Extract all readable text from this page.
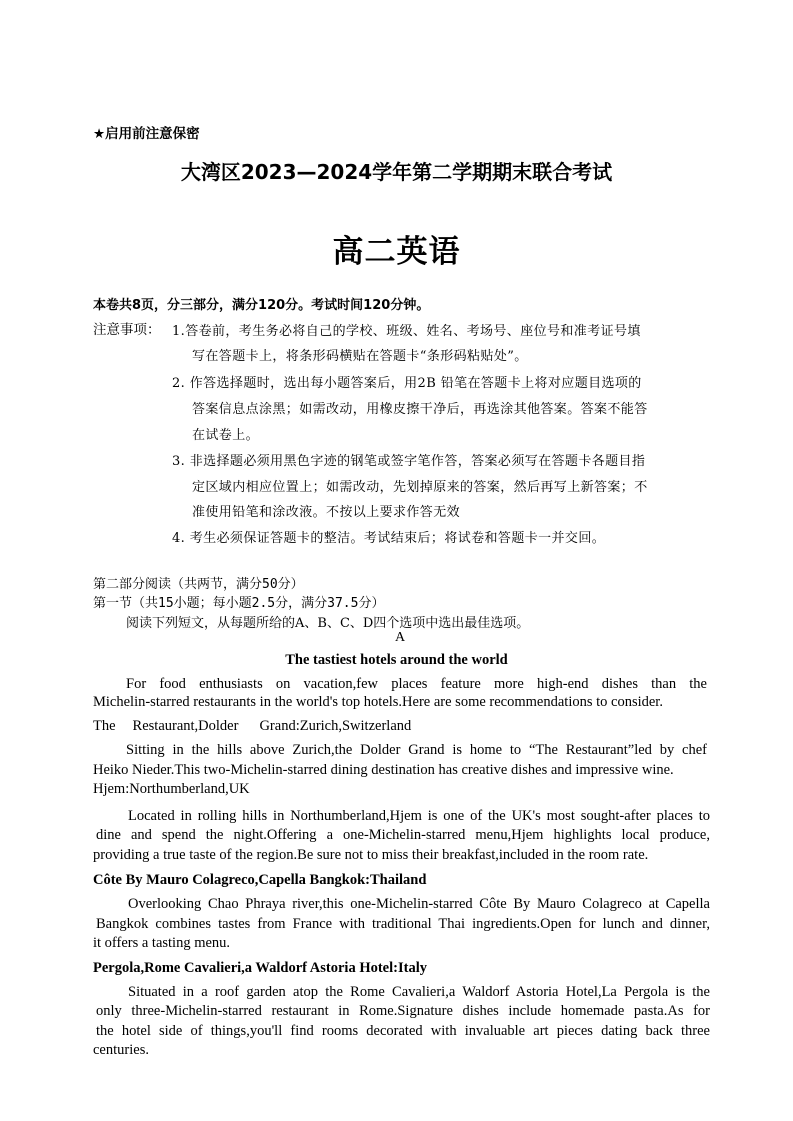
★启用前注意保密
大湾区2023—2024学年第二学期期末联合考试
高二英语
本卷共8页，分三部分，满分120分。考试时间120分钟。
注意事项： 1.答卷前，考生务必将自己的学校、班级、姓名、考场号、座位号和准考证号填
写在答题卡上，将条形码横贴在答题卡“条形码粘贴处”。
2. 作答选择题时，选出每小题答案后，用2B 铅笔在答题卡上将对应题目选项的
答案信息点涂黑；如需改动，用橡皮擦干净后，再选涂其他答案。答案不能答
在试卷上。
3. 非选择题必须用黑色字迹的钢笔或签字笔作答，答案必须写在答题卡各题目指
定区域内相应位置上；如需改动，先划掉原来的答案，然后再写上新答案；不
准使用铅笔和涂改液。不按以上要求作答无效
4. 考生必须保证答题卡的整洁。考试结束后；将试卷和答题卡一并交回。
第二部分阅读（共两节，满分50分）
第一节（共15小题；每小题2.5分，满分37.5分）
阅读下列短文，从每题所给的A、B、C、D四个选项中选出最佳选项。
A
The tastiest hotels around the world
For food enthusiasts on vacation,few places feature more high-end dishes than the
Michelin-starred restaurants in the world's top hotels.Here are some recommendations to consider.
The Restaurant,Dolder Grand:Zurich,Switzerland
Sitting in the hills above Zurich,the Dolder Grand is home to “The Restaurant”led by chef
Heiko Nieder.This two-Michelin-starred dining destination has creative dishes and impressive wine.
Hjem:Northumberland,UK
Located in rolling hills in Northumberland,Hjem is one of the UK's most sought-after places to
dine and spend the night.Offering a one-Michelin-starred menu,Hjem highlights local produce,
providing a true taste of the region.Be sure not to miss their breakfast,included in the room rate.
Côte By Mauro Colagreco,Capella Bangkok:Thailand
Overlooking Chao Phraya river,this one-Michelin-starred Côte By Mauro Colagreco at Capella
Bangkok combines tastes from France with traditional Thai ingredients.Open for lunch and dinner,
it offers a tasting menu.
Pergola,Rome Cavalieri,a Waldorf Astoria Hotel:Italy
Situated in a roof garden atop the Rome Cavalieri,a Waldorf Astoria Hotel,La Pergola is the
only three-Michelin-starred restaurant in Rome.Signature dishes include homemade pasta.As for
the hotel side of things,you'll find rooms decorated with invaluable art pieces dating back three
centuries.
